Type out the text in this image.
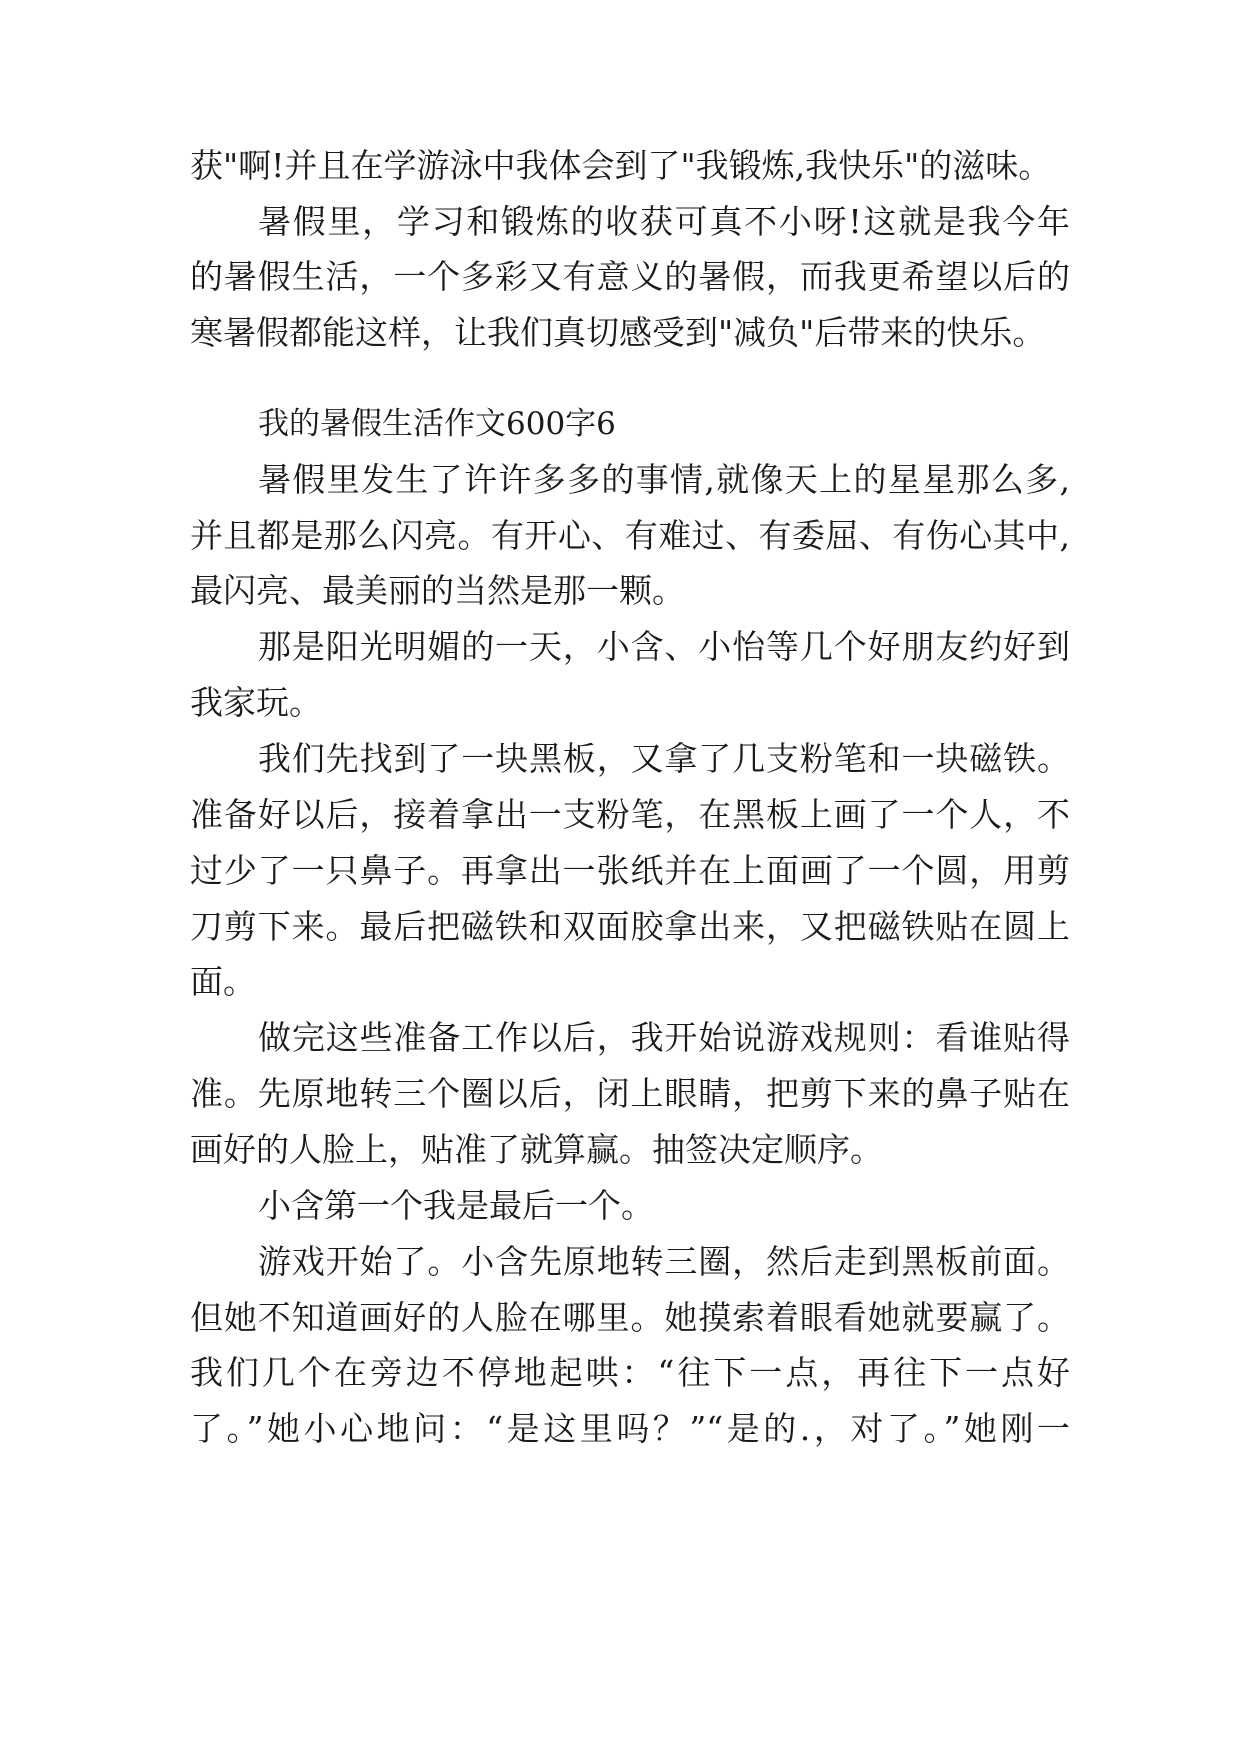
获"啊!并且在学游泳中我体会到了"我锻炼,我快乐"的滋味。
暑假里，学习和锻炼的收获可真不小呀!这就是我今年
的暑假生活，一个多彩又有意义的暑假，而我更希望以后的
寒暑假都能这样，让我们真切感受到"减负"后带来的快乐。
我的暑假生活作文600字6
暑假里发生了许许多多的事情,就像天上的星星那么多,
并且都是那么闪亮。有开心、有难过、有委屈、有伤心其中,
最闪亮、最美丽的当然是那一颗。
那是阳光明媚的一天，小含、小怡等几个好朋友约好到
我家玩。
我们先找到了一块黑板，又拿了几支粉笔和一块磁铁。
准备好以后，接着拿出一支粉笔，在黑板上画了一个人，不
过少了一只鼻子。再拿出一张纸并在上面画了一个圆，用剪
刀剪下来。最后把磁铁和双面胶拿出来，又把磁铁贴在圆上
面。
做完这些准备工作以后，我开始说游戏规则：看谁贴得
准。先原地转三个圈以后，闭上眼睛，把剪下来的鼻子贴在
画好的人脸上，贴准了就算赢。抽签决定顺序。
小含第一个我是最后一个。
游戏开始了。小含先原地转三圈，然后走到黑板前面。
但她不知道画好的人脸在哪里。她摸索着眼看她就要赢了。
我们几个在旁边不停地起哄：“往下一点，再往下一点好
了。”她小心地问：“是这里吗？”“是的.，对了。”她刚一
